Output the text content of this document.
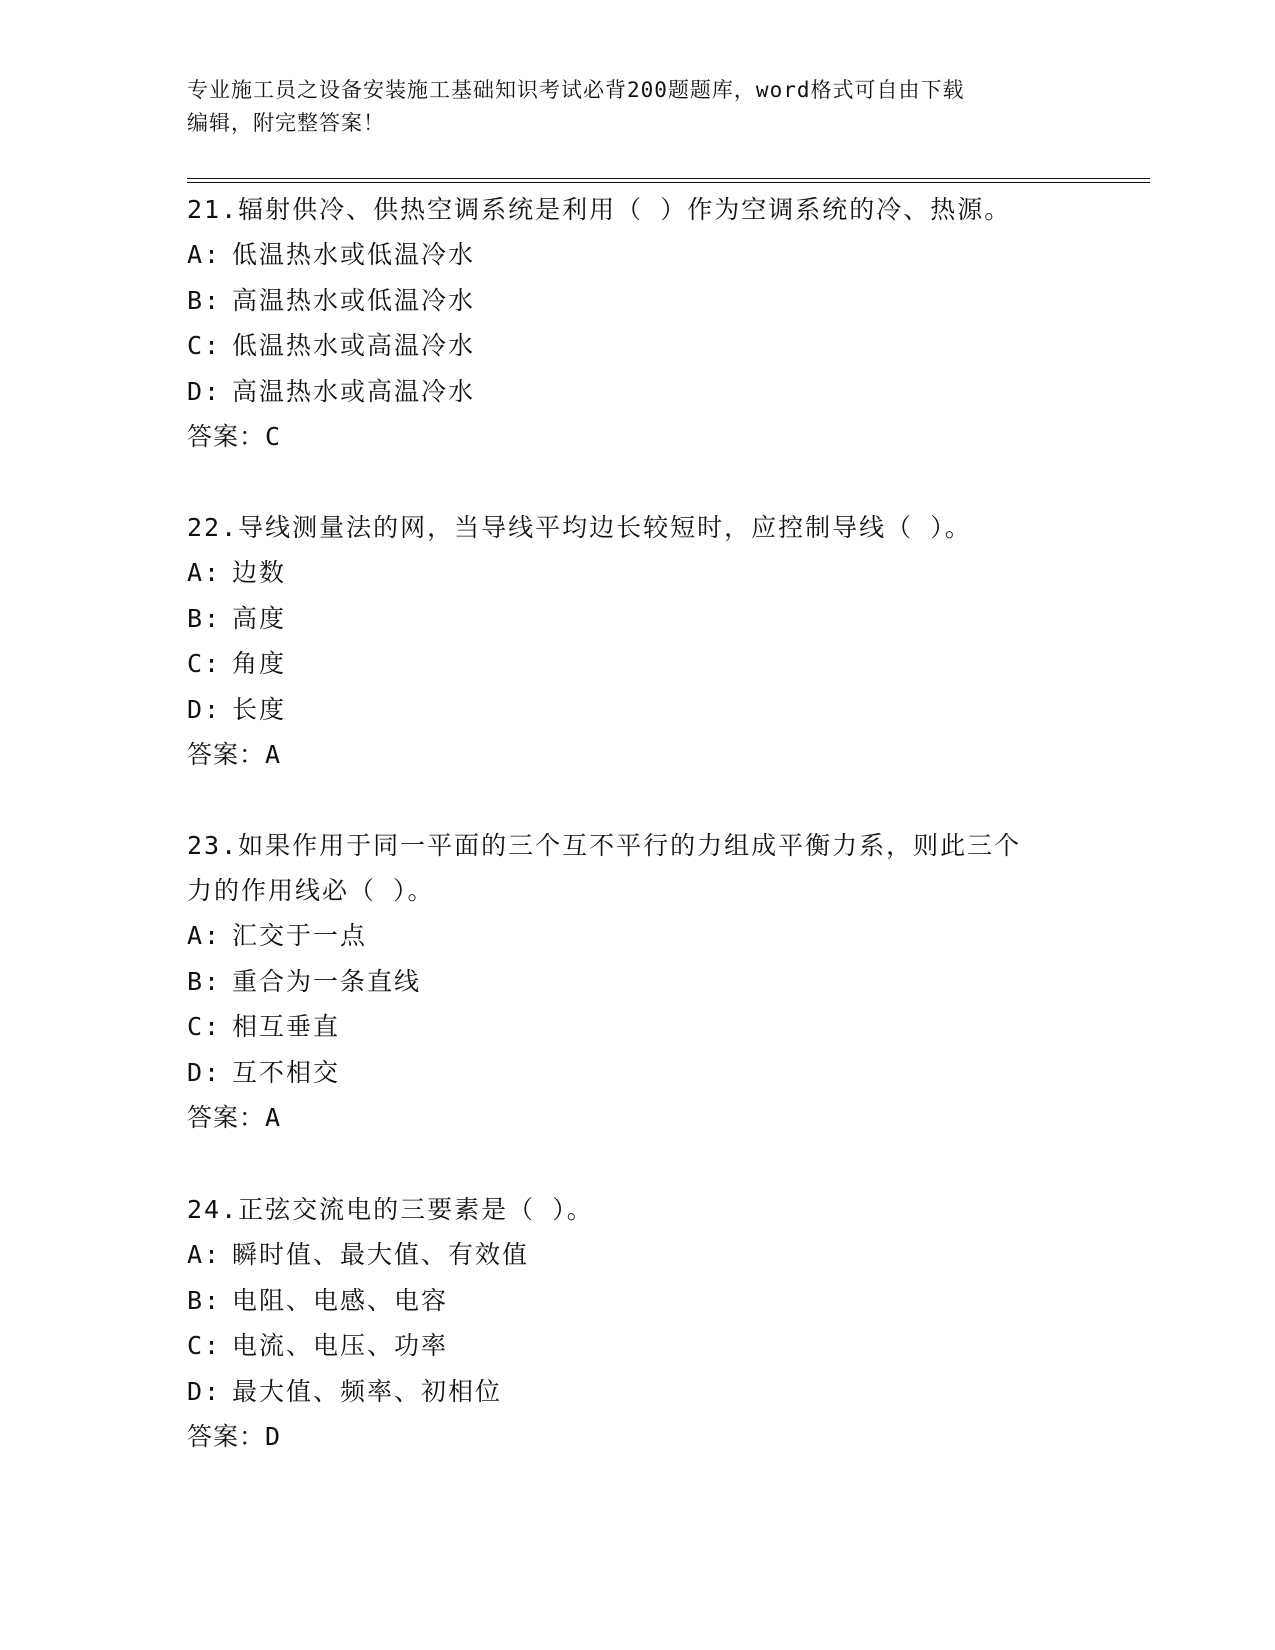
专业施工员之设备安装施工基础知识考试必背200题题库，word格式可自由下载
编辑，附完整答案！
21.辐射供冷、供热空调系统是利用（ ）作为空调系统的冷、热源。
A: 低温热水或低温冷水
B: 高温热水或低温冷水
C: 低温热水或高温冷水
D: 高温热水或高温冷水
答案：C
22.导线测量法的网，当导线平均边长较短时，应控制导线（ ）。
A: 边数
B: 高度
C: 角度
D: 长度
答案：A
23.如果作用于同一平面的三个互不平行的力组成平衡力系，则此三个
力的作用线必（ ）。
A: 汇交于一点
B: 重合为一条直线
C: 相互垂直
D: 互不相交
答案：A
24.正弦交流电的三要素是（ ）。
A: 瞬时值、最大值、有效值
B: 电阻、电感、电容
C: 电流、电压、功率
D: 最大值、频率、初相位
答案：D
